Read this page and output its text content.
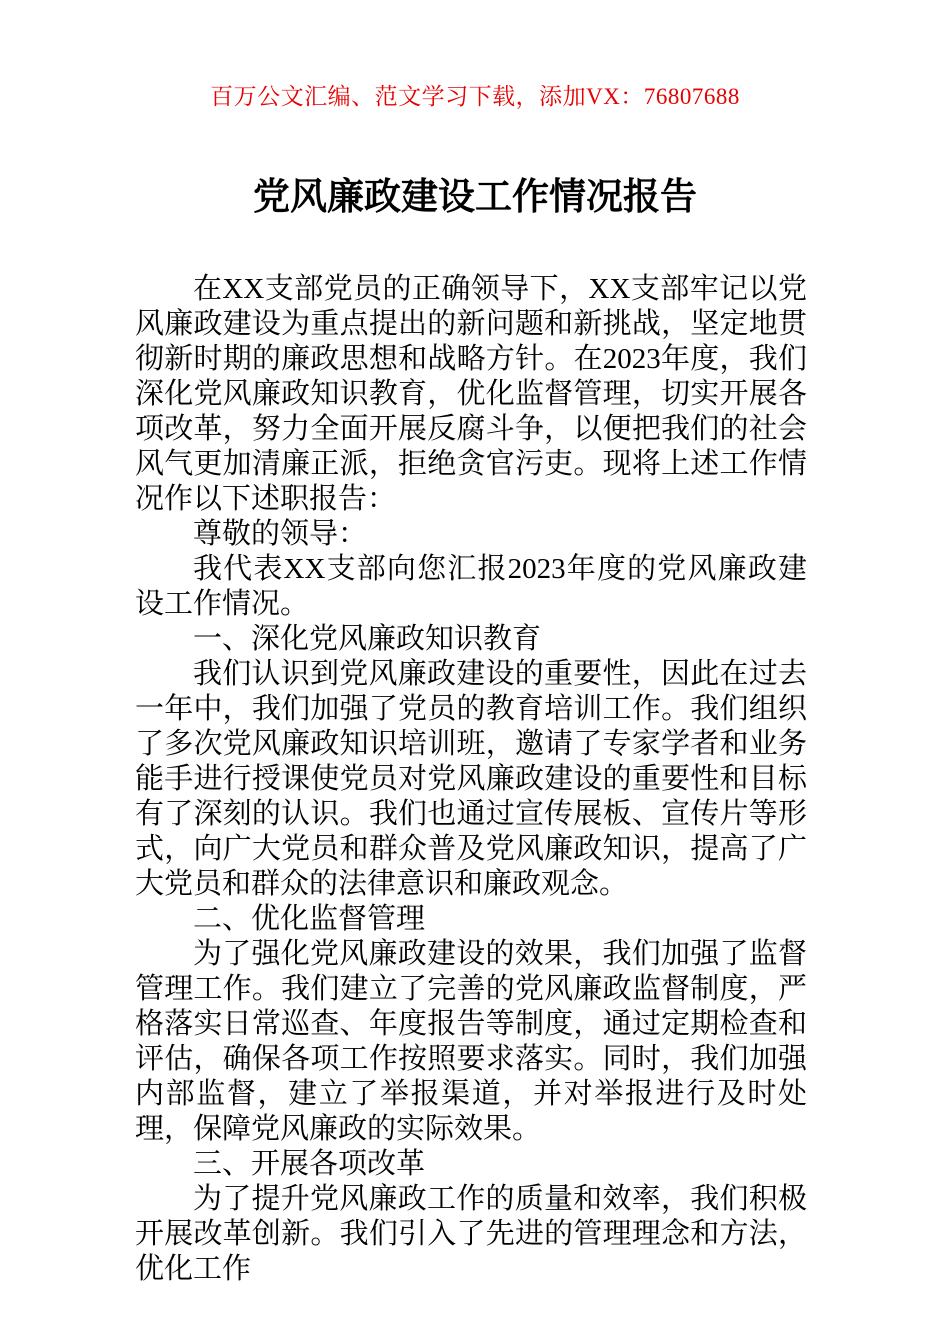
百万公文汇编、范文学习下载，添加VX：76807688
党风廉政建设工作情况报告

在XX支部党员的正确领导下，XX支部牢记以党风廉政建设为重点提出的新问题和新挑战，坚定地贯彻新时期的廉政思想和战略方针。在2023年度，我们深化党风廉政知识教育，优化监督管理，切实开展各项改革，努力全面开展反腐斗争，以便把我们的社会风气更加清廉正派，拒绝贪官污吏。现将上述工作情况作以下述职报告：

尊敬的领导：

我代表XX支部向您汇报2023年度的党风廉政建设工作情况。

一、深化党风廉政知识教育

我们认识到党风廉政建设的重要性，因此在过去一年中，我们加强了党员的教育培训工作。我们组织了多次党风廉政知识培训班，邀请了专家学者和业务能手进行授课使党员对党风廉政建设的重要性和目标有了深刻的认识。我们也通过宣传展板、宣传片等形式，向广大党员和群众普及党风廉政知识，提高了广大党员和群众的法律意识和廉政观念。

二、优化监督管理

为了强化党风廉政建设的效果，我们加强了监督管理工作。我们建立了完善的党风廉政监督制度，严格落实日常巡查、年度报告等制度，通过定期检查和评估，确保各项工作按照要求落实。同时，我们加强内部监督，建立了举报渠道，并对举报进行及时处理，保障党风廉政的实际效果。

三、开展各项改革

为了提升党风廉政工作的质量和效率，我们积极开展改革创新。我们引入了先进的管理理念和方法，优化工作
